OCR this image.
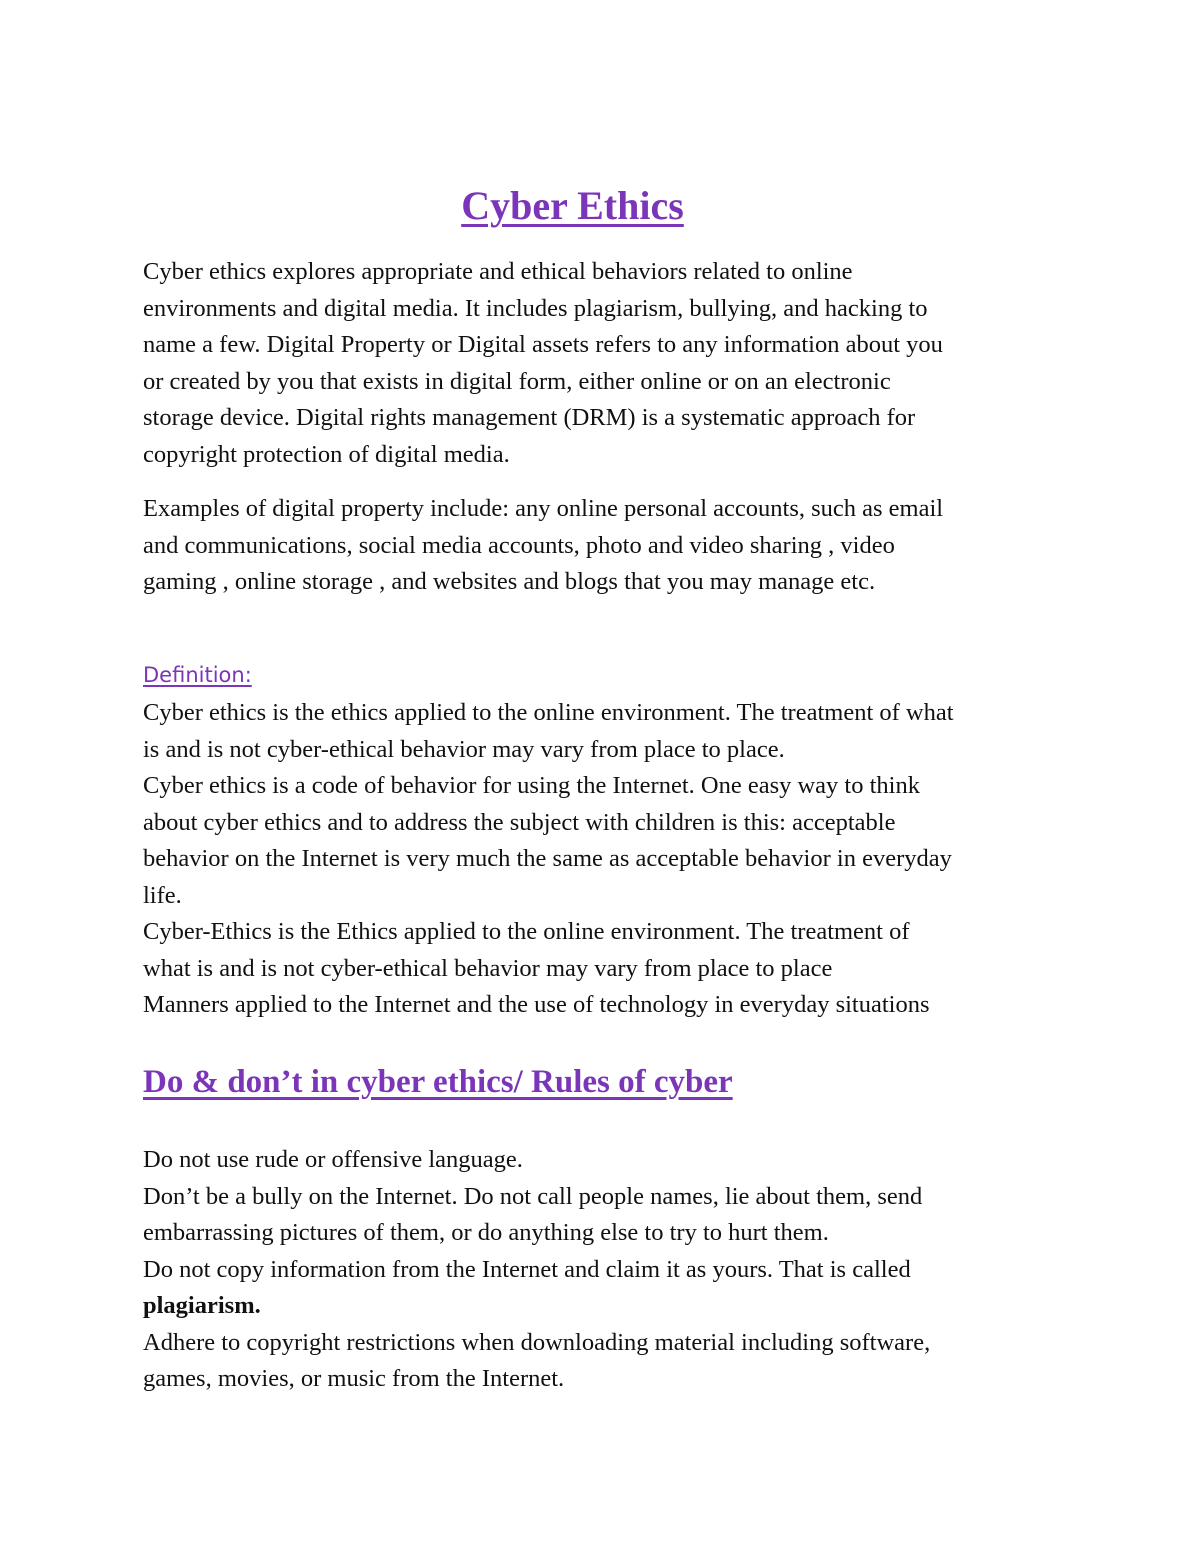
Cyber Ethics

Cyber ethics explores appropriate and ethical behaviors related to online
environments and digital media. It includes plagiarism, bullying, and hacking to
name a few. Digital Property or Digital assets refers to any information about you
or created by you that exists in digital form, either online or on an electronic
storage device. Digital rights management (DRM) is a systematic approach for
copyright protection of digital media.

Examples of digital property include: any online personal accounts, such as email
and communications, social media accounts, photo and video sharing , video
gaming , online storage , and websites and blogs that you may manage etc.

Definition:

Cyber ethics is the ethics applied to the online environment. The treatment of what
is and is not cyber-ethical behavior may vary from place to place.
Cyber ethics is a code of behavior for using the Internet. One easy way to think
about cyber ethics and to address the subject with children is this: acceptable
behavior on the Internet is very much the same as acceptable behavior in everyday
life.
Cyber-Ethics is the Ethics applied to the online environment. The treatment of
what is and is not cyber-ethical behavior may vary from place to place
Manners applied to the Internet and the use of technology in everyday situations

Do & don’t in cyber ethics/ Rules of cyber

Do not use rude or offensive language.
Don’t be a bully on the Internet. Do not call people names, lie about them, send
embarrassing pictures of them, or do anything else to try to hurt them.
Do not copy information from the Internet and claim it as yours. That is called
plagiarism.
Adhere to copyright restrictions when downloading material including software,
games, movies, or music from the Internet.
